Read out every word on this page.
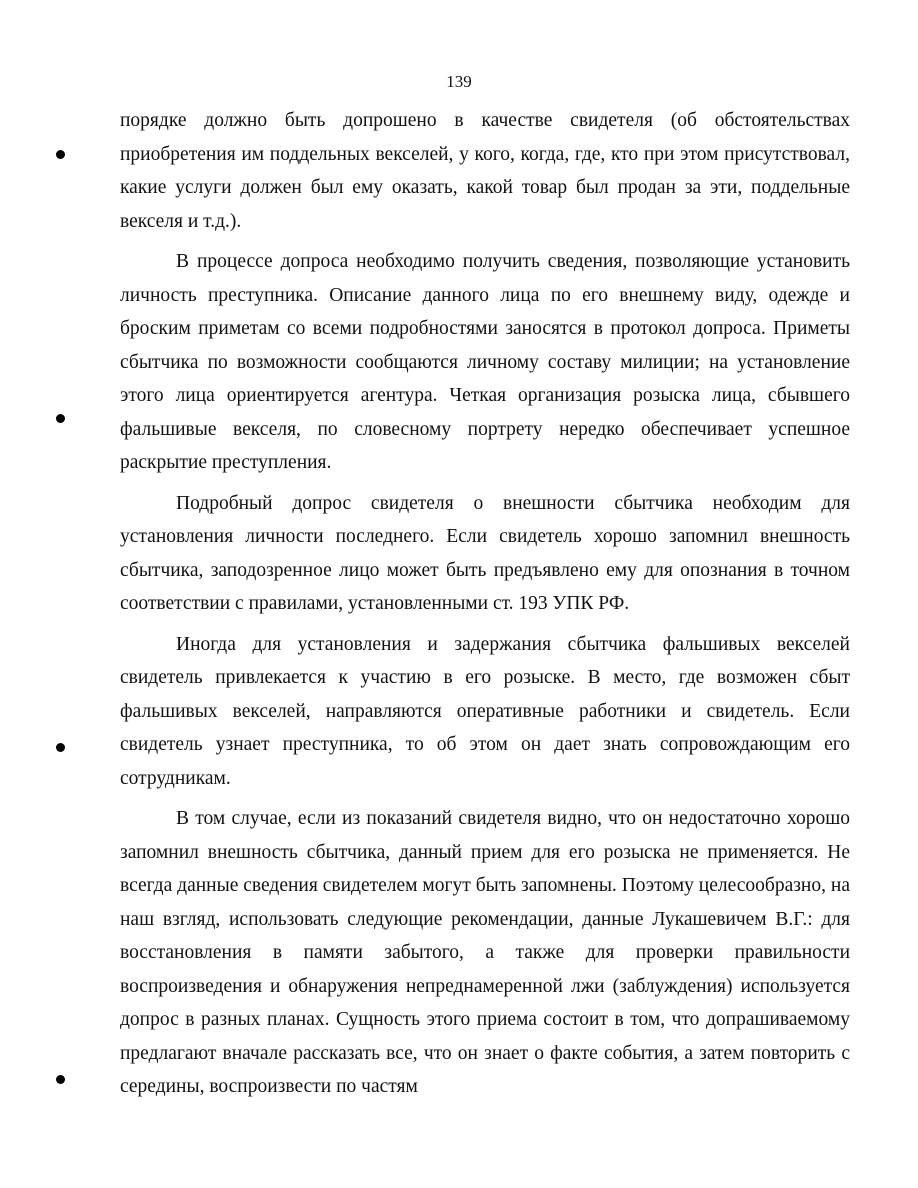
139

порядке должно быть допрошено в качестве свидетеля (об обстоятельствах приобретения им поддельных векселей, у кого, когда, где, кто при этом присутствовал, какие услуги должен был ему оказать, какой товар был продан за эти, поддельные векселя и т.д.).

В процессе допроса необходимо получить сведения, позволяющие установить личность преступника. Описание данного лица по его внешнему виду, одежде и броским приметам со всеми подробностями заносятся в протокол допроса. Приметы сбытчика по возможности сообщаются личному составу милиции; на установление этого лица ориентируется агентура. Четкая организация розыска лица, сбывшего фальшивые векселя, по словесному портрету нередко обеспечивает успешное раскрытие преступления.

Подробный допрос свидетеля о внешности сбытчика необходим для установления личности последнего. Если свидетель хорошо запомнил внешность сбытчика, заподозренное лицо может быть предъявлено ему для опознания в точном соответствии с правилами, установленными ст. 193 УПК РФ.

Иногда для установления и задержания сбытчика фальшивых векселей свидетель привлекается к участию в его розыске. В место, где возможен сбыт фальшивых векселей, направляются оперативные работники и свидетель. Если свидетель узнает преступника, то об этом он дает знать сопровождающим его сотрудникам.

В том случае, если из показаний свидетеля видно, что он недостаточно хорошо запомнил внешность сбытчика, данный прием для его розыска не применяется. Не всегда данные сведения свидетелем могут быть запомнены. Поэтому целесообразно, на наш взгляд, использовать следующие рекомендации, данные Лукашевичем В.Г.: для восстановления в памяти забытого, а также для проверки правильности воспроизведения и обнаружения непреднамеренной лжи (заблуждения) используется допрос в разных планах. Сущность этого приема состоит в том, что допрашиваемому предлагают вначале рассказать все, что он знает о факте события, а затем повторить с середины, воспроизвести по частям
